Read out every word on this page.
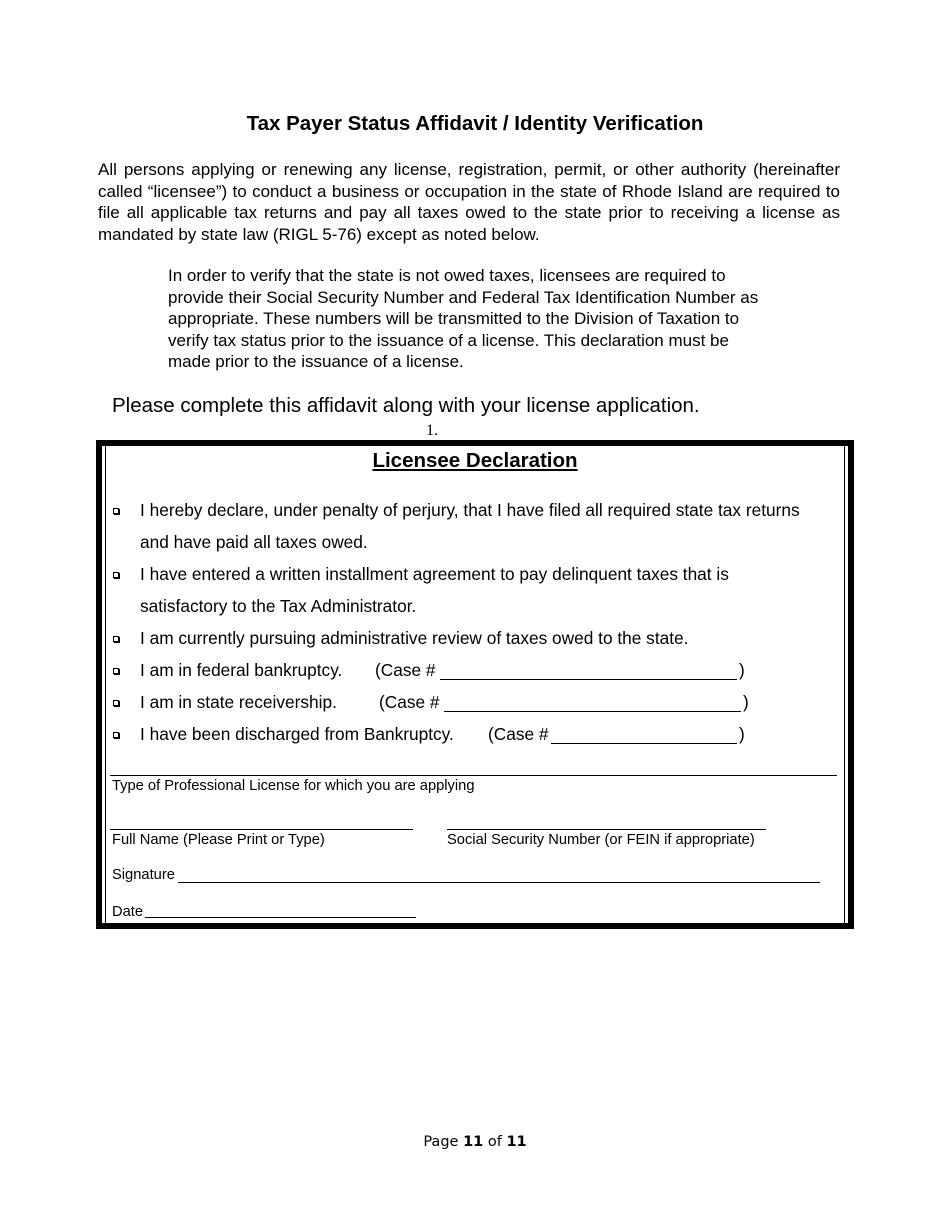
Tax Payer Status Affidavit / Identity Verification
All persons applying or renewing any license, registration, permit, or other authority (hereinafter called “licensee”) to conduct a business or occupation in the state of Rhode Island are required to file all applicable tax returns and pay all taxes owed to the state prior to receiving a license as mandated by state law (RIGL 5-76) except as noted below.
In order to verify that the state is not owed taxes, licensees are required to
provide their Social Security Number and Federal Tax Identification Number as
appropriate. These numbers will be transmitted to the Division of Taxation to
verify tax status prior to the issuance of a license. This declaration must be
made prior to the issuance of a license.
Please complete this affidavit along with your license application.
1.
Licensee Declaration
I hereby declare, under penalty of perjury, that I have filed all required state tax returns
and have paid all taxes owed.
I have entered a written installment agreement to pay delinquent taxes that is
satisfactory to the Tax Administrator.
I am currently pursuing administrative review of taxes owed to the state.
I am in federal bankruptcy. (Case #	)
I am in state receivership. (Case #	)
I have been discharged from Bankruptcy. (Case #	)
Type of Professional License for which you are applying
Full Name (Please Print or Type)	Social Security Number (or FEIN if appropriate)
Signature
Date
Page 11 of 11
